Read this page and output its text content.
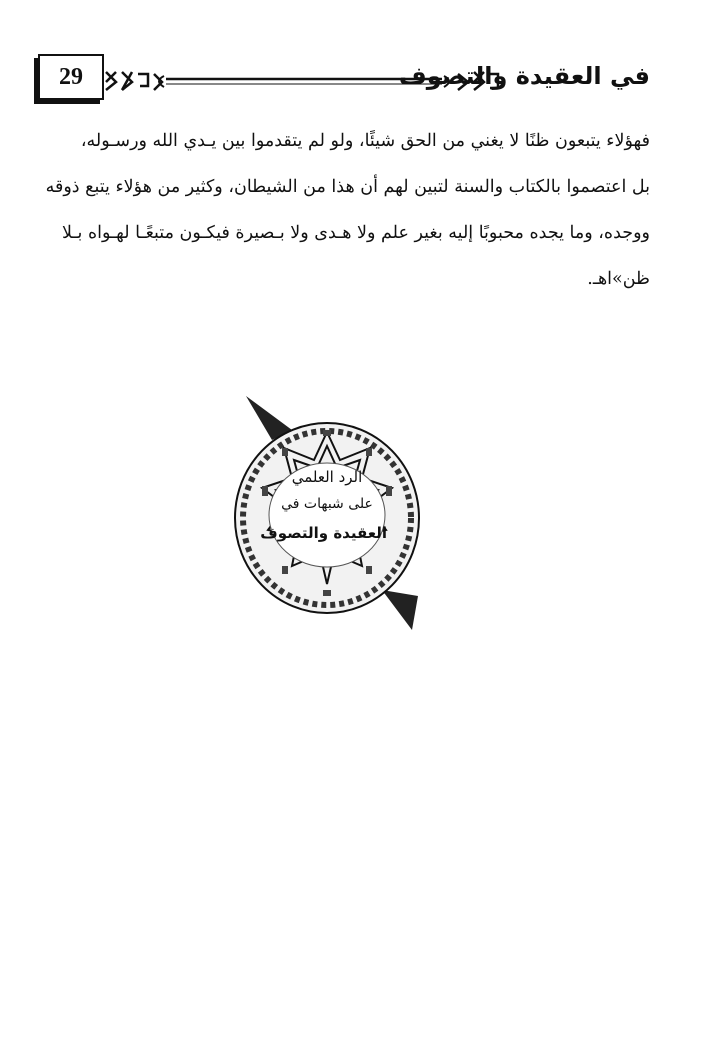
29	في العقيدة والتصوف
فهؤلاء يتبعون ظنًا لا يغني من الحق شيئًا، ولو لم يتقدموا بين يـدي الله ورسـوله،
بل اعتصموا بالكتاب والسنة لتبين لهم أن هذا من الشيطان، وكثير من هؤلاء يتبع ذوقه
ووجده، وما يجده محبوبًا إليه بغير علم ولا هـدى ولا بـصيرة فيكـون متبعًـا لهـواه بـلا
ظن»اهـ.
الرد العلمي
على شبهات في
العقيدة والتصوف
